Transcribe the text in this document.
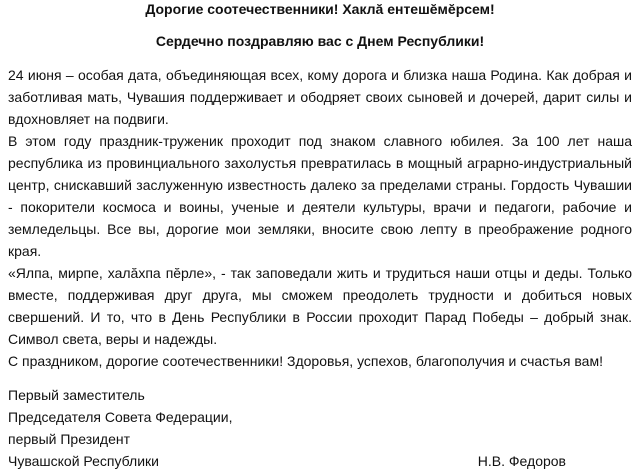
Дорогие соотечественники! Хаклă ентешĕмĕрсем!

Сердечно поздравляю вас с Днем Республики!

24 июня – особая дата, объединяющая всех, кому дорога и близка наша Родина. Как добрая и заботливая мать, Чувашия поддерживает и ободряет своих сыновей и дочерей, дарит силы и вдохновляет на подвиги.

В этом году праздник-труженик проходит под знаком славного юбилея. За 100 лет наша республика из провинциального захолустья превратилась в мощный аграрно-индустриальный центр, снискавший заслуженную известность далеко за пределами страны. Гордость Чувашии - покорители космоса и воины, ученые и деятели культуры, врачи и педагоги, рабочие и земледельцы. Все вы, дорогие мои земляки, вносите свою лепту в преображение родного края.

«Ялпа, мирпе, халăхпа пĕрле», - так заповедали жить и трудиться наши отцы и деды. Только вместе, поддерживая друг друга, мы сможем преодолеть трудности и добиться новых свершений. И то, что в День Республики в России проходит Парад Победы – добрый знак. Символ света, веры и надежды.

С праздником, дорогие соотечественники! Здоровья, успехов, благополучия и счастья вам!

Первый заместитель

Председателя Совета Федерации,

первый Президент

Чувашской Республики	Н.В. Федоров
